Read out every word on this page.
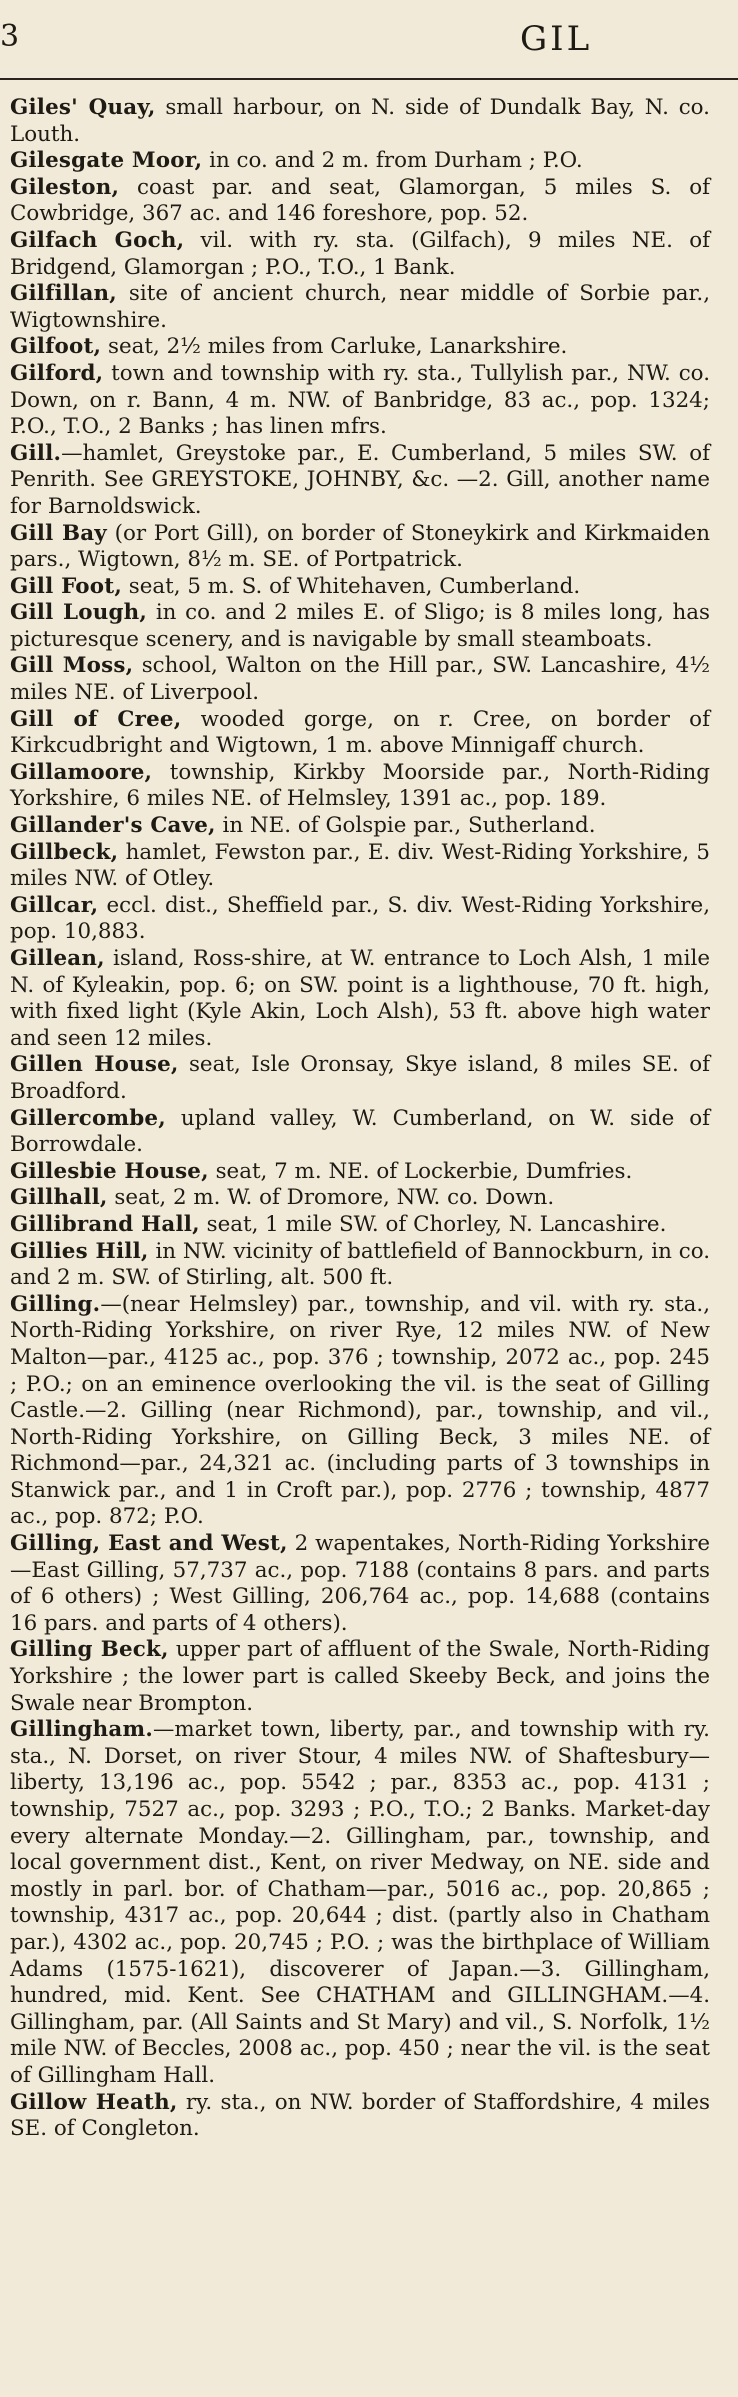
3	GIL

Giles' Quay, small harbour, on N. side of Dundalk Bay, N. co. Louth.

Gilesgate Moor, in co. and 2 m. from Durham ; P.O.

Gileston, coast par. and seat, Glamorgan, 5 miles S. of Cowbridge, 367 ac. and 146 foreshore, pop. 52.

Gilfach Goch, vil. with ry. sta. (Gilfach), 9 miles NE. of Bridgend, Glamorgan ; P.O., T.O., 1 Bank.

Gilfillan, site of ancient church, near middle of Sorbie par., Wigtownshire.

Gilfoot, seat, 2½ miles from Carluke, Lanarkshire.

Gilford, town and township with ry. sta., Tullylish par., NW. co. Down, on r. Bann, 4 m. NW. of Banbridge, 83 ac., pop. 1324; P.O., T.O., 2 Banks ; has linen mfrs.

Gill.—hamlet, Greystoke par., E. Cumberland, 5 miles SW. of Penrith. See GREYSTOKE, JOHNBY, &c. —2. Gill, another name for Barnoldswick.

Gill Bay (or Port Gill), on border of Stoneykirk and Kirkmaiden pars., Wigtown, 8½ m. SE. of Portpatrick.

Gill Foot, seat, 5 m. S. of Whitehaven, Cumberland.

Gill Lough, in co. and 2 miles E. of Sligo; is 8 miles long, has picturesque scenery, and is navigable by small steamboats.

Gill Moss, school, Walton on the Hill par., SW. Lancashire, 4½ miles NE. of Liverpool.

Gill of Cree, wooded gorge, on r. Cree, on border of Kirkcudbright and Wigtown, 1 m. above Minnigaff church.

Gillamoore, township, Kirkby Moorside par., North-Riding Yorkshire, 6 miles NE. of Helmsley, 1391 ac., pop. 189.

Gillander's Cave, in NE. of Golspie par., Sutherland.

Gillbeck, hamlet, Fewston par., E. div. West-Riding Yorkshire, 5 miles NW. of Otley.

Gillcar, eccl. dist., Sheffield par., S. div. West-Riding Yorkshire, pop. 10,883.

Gillean, island, Ross-shire, at W. entrance to Loch Alsh, 1 mile N. of Kyleakin, pop. 6; on SW. point is a lighthouse, 70 ft. high, with fixed light (Kyle Akin, Loch Alsh), 53 ft. above high water and seen 12 miles.

Gillen House, seat, Isle Oronsay, Skye island, 8 miles SE. of Broadford.

Gillercombe, upland valley, W. Cumberland, on W. side of Borrowdale.

Gillesbie House, seat, 7 m. NE. of Lockerbie, Dumfries.

Gillhall, seat, 2 m. W. of Dromore, NW. co. Down.

Gillibrand Hall, seat, 1 mile SW. of Chorley, N. Lancashire.

Gillies Hill, in NW. vicinity of battlefield of Bannockburn, in co. and 2 m. SW. of Stirling, alt. 500 ft.

Gilling.—(near Helmsley) par., township, and vil. with ry. sta., North-Riding Yorkshire, on river Rye, 12 miles NW. of New Malton—par., 4125 ac., pop. 376 ; township, 2072 ac., pop. 245 ; P.O.; on an eminence overlooking the vil. is the seat of Gilling Castle.—2. Gilling (near Richmond), par., township, and vil., North-Riding Yorkshire, on Gilling Beck, 3 miles NE. of Richmond—par., 24,321 ac. (including parts of 3 townships in Stanwick par., and 1 in Croft par.), pop. 2776 ; township, 4877 ac., pop. 872; P.O.

Gilling, East and West, 2 wapentakes, North-Riding Yorkshire—East Gilling, 57,737 ac., pop. 7188 (contains 8 pars. and parts of 6 others) ; West Gilling, 206,764 ac., pop. 14,688 (contains 16 pars. and parts of 4 others).

Gilling Beck, upper part of affluent of the Swale, North-Riding Yorkshire ; the lower part is called Skeeby Beck, and joins the Swale near Brompton.

Gillingham.—market town, liberty, par., and township with ry. sta., N. Dorset, on river Stour, 4 miles NW. of Shaftesbury—liberty, 13,196 ac., pop. 5542 ; par., 8353 ac., pop. 4131 ; township, 7527 ac., pop. 3293 ; P.O., T.O.; 2 Banks. Market-day every alternate Monday.—2. Gillingham, par., township, and local government dist., Kent, on river Medway, on NE. side and mostly in parl. bor. of Chatham—par., 5016 ac., pop. 20,865 ; township, 4317 ac., pop. 20,644 ; dist. (partly also in Chatham par.), 4302 ac., pop. 20,745 ; P.O. ; was the birthplace of William Adams (1575-1621), discoverer of Japan.—3. Gillingham, hundred, mid. Kent. See CHATHAM and GILLINGHAM.—4. Gillingham, par. (All Saints and St Mary) and vil., S. Norfolk, 1½ mile NW. of Beccles, 2008 ac., pop. 450 ; near the vil. is the seat of Gillingham Hall.

Gillow Heath, ry. sta., on NW. border of Staffordshire, 4 miles SE. of Congleton.
